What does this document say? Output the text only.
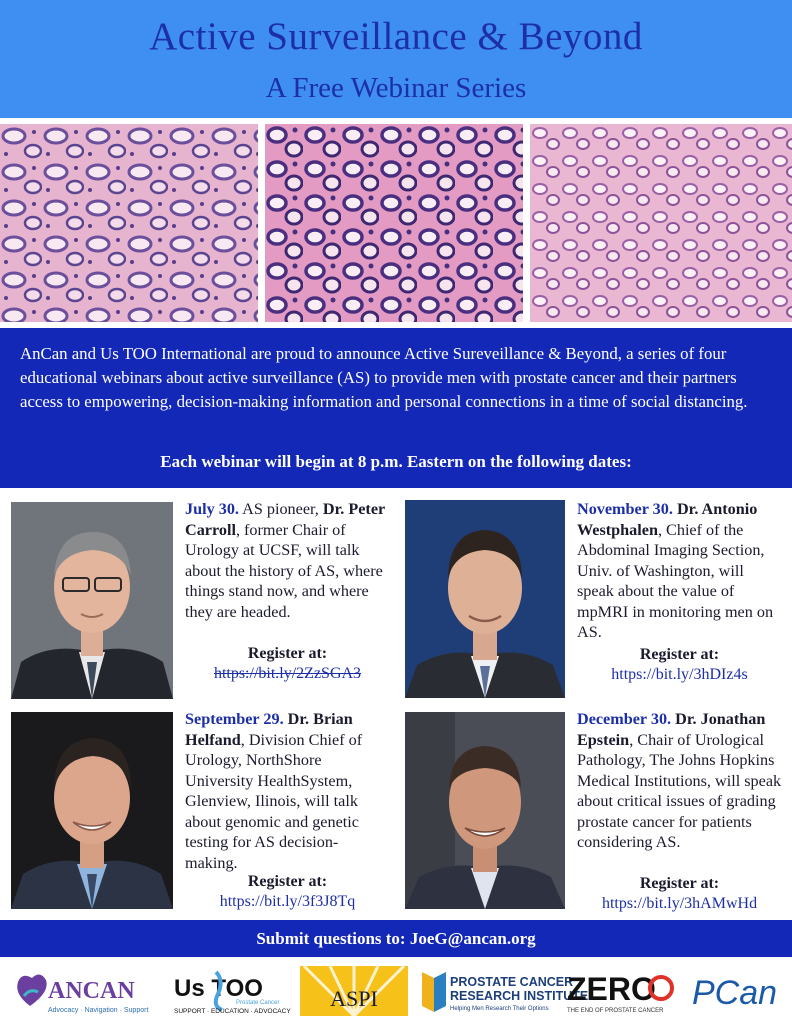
Active Surveillance & Beyond
A Free Webinar Series

AnCan and Us TOO International are proud to announce Active Sureveillance & Beyond, a series of four educational webinars about active surveillance (AS) to provide men with prostate cancer and their partners access to empowering, decision-making information and personal connections in a time of social distancing.

Each webinar will begin at 8 p.m. Eastern on the following dates:
July 30. AS pioneer, Dr. Peter Carroll, former Chair of Urology at UCSF, will talk about the history of AS, where things stand now, and where they are headed.
Register at:
https://bit.ly/2ZzSGA3
November 30. Dr. Antonio Westphalen, Chief of the Abdominal Imaging Section, Univ. of Washington, will speak about the value of mpMRI in monitoring men on AS.
Register at:
https://bit.ly/3hDIz4s
September 29. Dr. Brian Helfand, Division Chief of Urology, NorthShore University HealthSystem, Glenview, Ilinois, will talk about genomic and genetic testing for AS decision-making.
Register at:
https://bit.ly/3f3J8Tq
December 30. Dr. Jonathan Epstein, Chair of Urological Pathology, The Johns Hopkins Medical Institutions, will speak about critical issues of grading prostate cancer for patients considering AS.
Register at:
https://bit.ly/3hAMwHd
Submit questions to: JoeG@ancan.org
ANCAN
Advocacy · Navigation · Support
Us TOO
Prostate Cancer
SUPPORT · EDUCATION · ADVOCACY
ASPI
PROSTATE CANCER
RESEARCH INSTITUTE
Helping Men Research Their Options
ZERO
THE END OF PROSTATE CANCER PCan
